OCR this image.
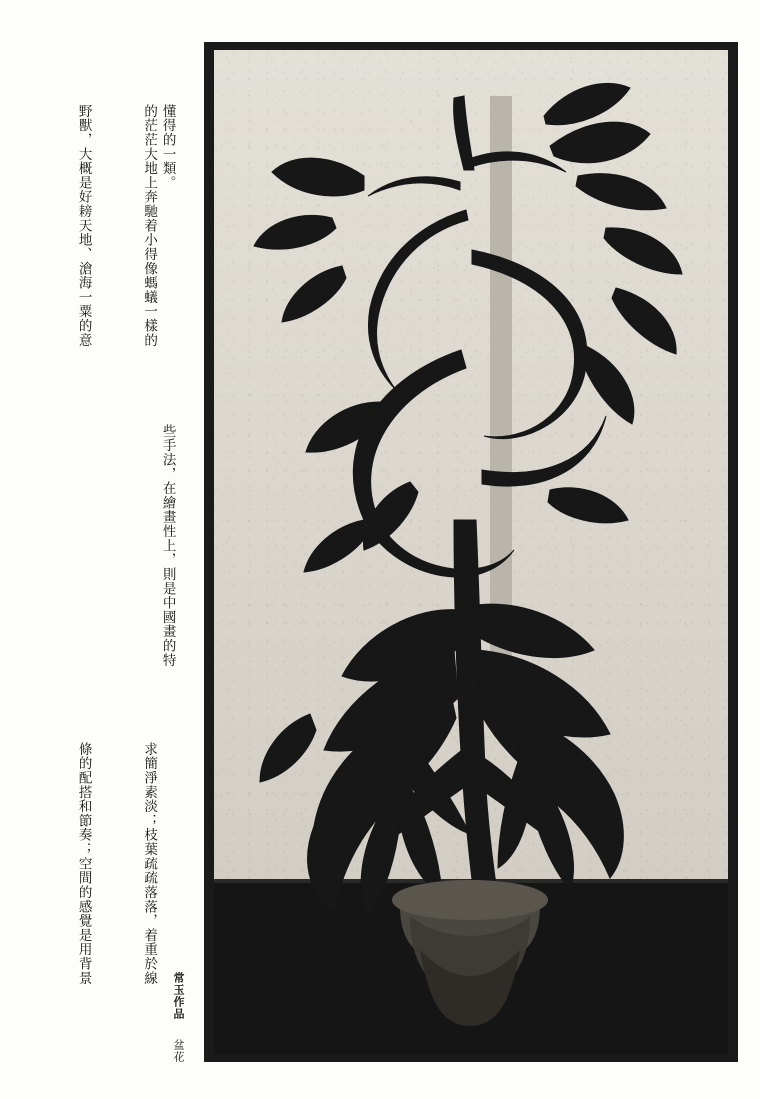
的茫茫大地上奔馳着小得像螞蟻一樣的

野獸，大概是好耪天地、滄海一粟的意

	懂得的一類。

些手法，在繪畫性上，則是中國畫的特

求簡淨素淡；枝葉疏疏落落，着重於線

條的配搭和節奏；空間的感覺是用背景

常玉作品 盆花
